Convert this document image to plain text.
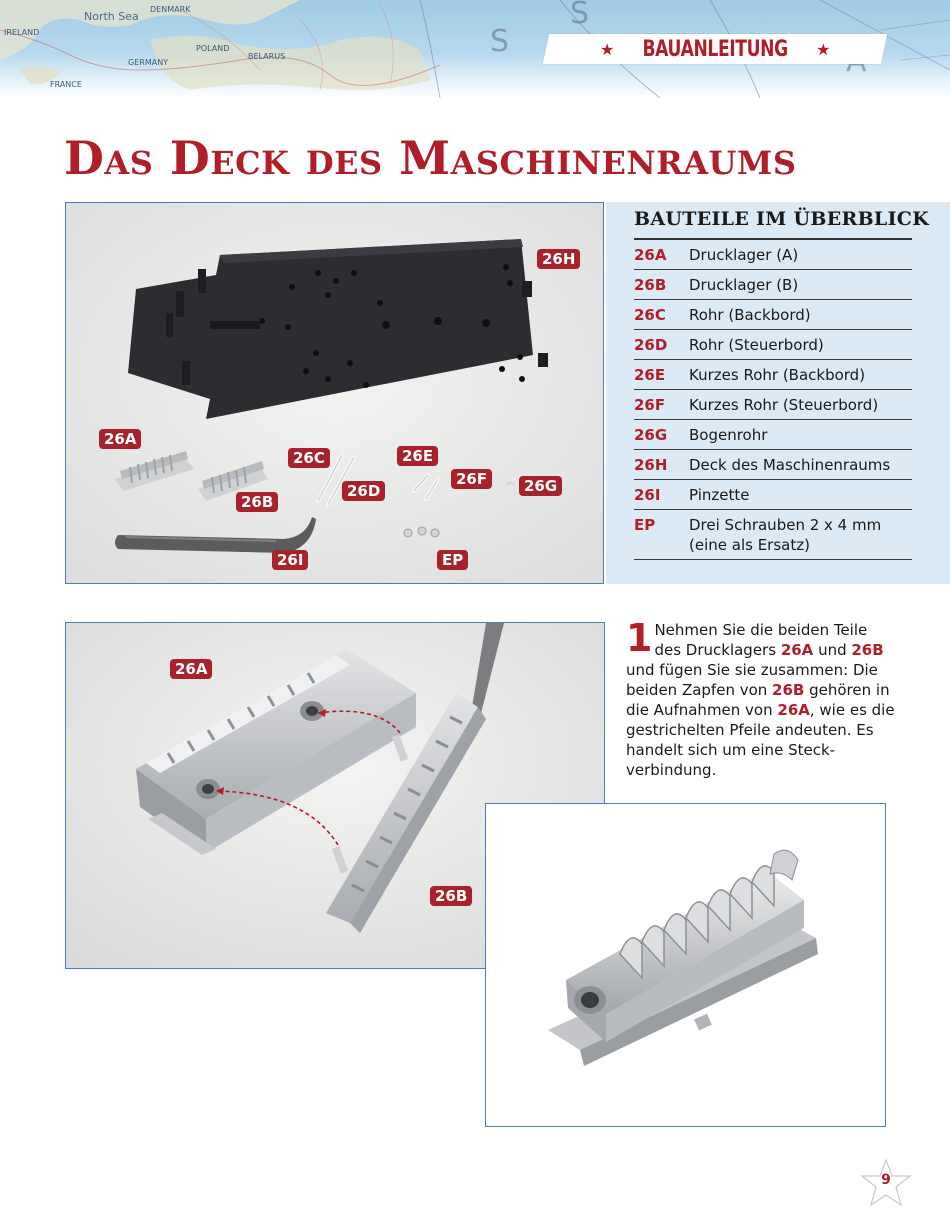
IRELAND
North Sea
DENMARK
POLAND
BELARUS
GERMANY
FRANCE
S
S	★ BAUANLEITUNG ★
Das Deck des Maschinenraums
26H
26A
26C	26E
26F
26D	26G
26B
26I	EP
BAUTEILE IM ÜBERBLICK
26A	Drucklager (A)
26B	Drucklager (B)
26C	Rohr (Backbord)
26D	Rohr (Steuerbord)
26E	Kurzes Rohr (Backbord)
26F	Kurzes Rohr (Steuerbord)
26G	Bogenrohr
26H	Deck des Maschinenraums
26I	Pinzette
EP	Drei Schrauben 2 x 4 mm (eine als Ersatz)
26A
26B
1 Nehmen Sie die beiden Teile des Drucklagers 26A und 26B und fügen Sie sie zusammen: Die beiden Zapfen von 26B gehören in die Aufnahmen von 26A, wie es die gestrichelten Pfeile andeuten. Es handelt sich um eine Steck-verbindung.
9
